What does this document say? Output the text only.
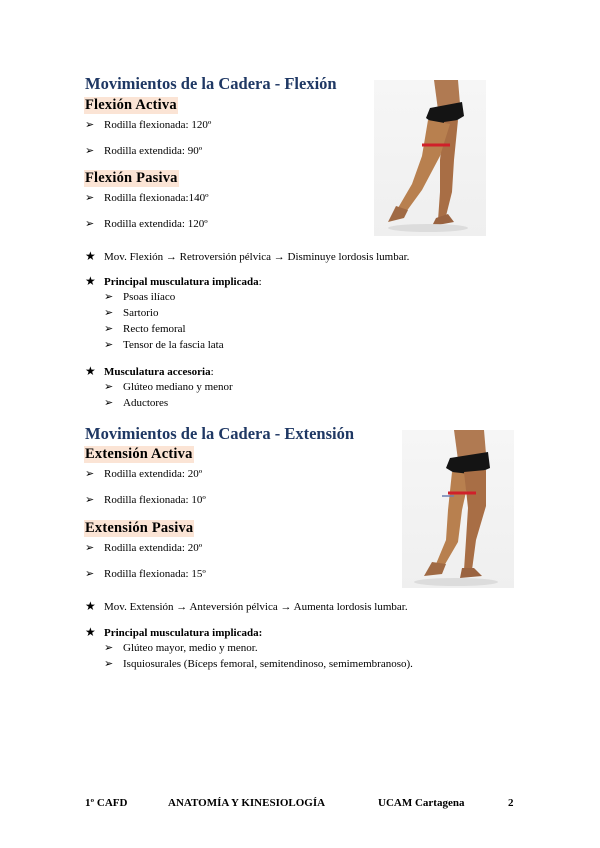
Movimientos de la Cadera - Flexión
Flexión Activa
➢ Rodilla flexionada: 120º
➢ Rodilla extendida: 90º
Flexión Pasiva
➢ Rodilla flexionada:140º
➢ Rodilla extendida: 120º
★ Mov. Flexión → Retroversión pélvica → Disminuye lordosis lumbar.
★ Principal musculatura implicada:
➢ Psoas ilíaco
➢ Sartorio
➢ Recto femoral
➢ Tensor de la fascia lata
★ Musculatura accesoria:
➢ Glúteo mediano y menor
➢ Aductores
Movimientos de la Cadera - Extensión
Extensión Activa
➢ Rodilla extendida: 20º
➢ Rodilla flexionada: 10º
Extensión Pasiva
➢ Rodilla extendida: 20º
➢ Rodilla flexionada: 15º
★ Mov. Extensión → Anteversión pélvica → Aumenta lordosis lumbar.
★ Principal musculatura implicada:
➢ Glúteo mayor, medio y menor.
➢ Isquiosurales (Bíceps femoral, semitendinoso, semimembranoso).
1º CAFD	ANATOMÍA Y KINESIOLOGÍA	UCAM Cartagena	2
